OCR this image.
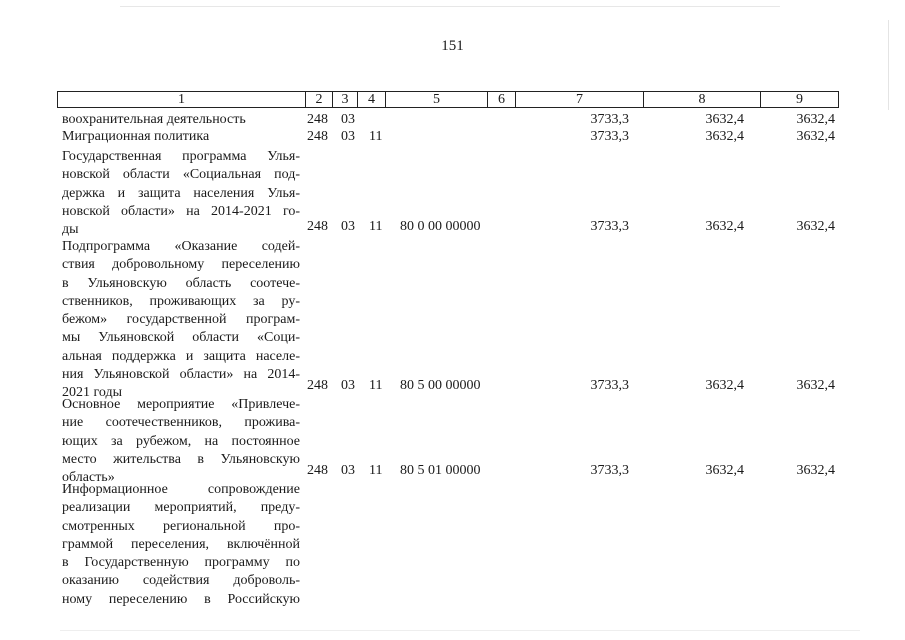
151
1	2	3	4	5	6	7	8	9
воохранительная деятельность	248 03	3733,3	3632,4	3632,4
Миграционная политика	248 03 11	3733,3	3632,4	3632,4
Государственная программа Улья-
новской области «Социальная под-
держка и защита населения Улья-
новской области» на 2014-2021 го-
ды	248 03 11 80 0 00 00000	3733,3	3632,4	3632,4
Подпрограмма «Оказание содей-
ствия добровольному переселению
в Ульяновскую область соотече-
ственников, проживающих за ру-
бежом» государственной програм-
мы Ульяновской области «Соци-
альная поддержка и защита населе-
ния Ульяновской области» на 2014-
2021 годы	248 03 11 80 5 00 00000	3733,3	3632,4	3632,4
Основное мероприятие «Привлече-
ние соотечественников, прожива-
ющих за рубежом, на постоянное
место жительства в Ульяновскую
область»	248 03 11 80 5 01 00000	3733,3	3632,4	3632,4
Информационное сопровождение
реализации мероприятий, преду-
смотренных региональной про-
граммой переселения, включённой
в Государственную программу по
оказанию содействия доброволь-
ному переселению в Российскую
